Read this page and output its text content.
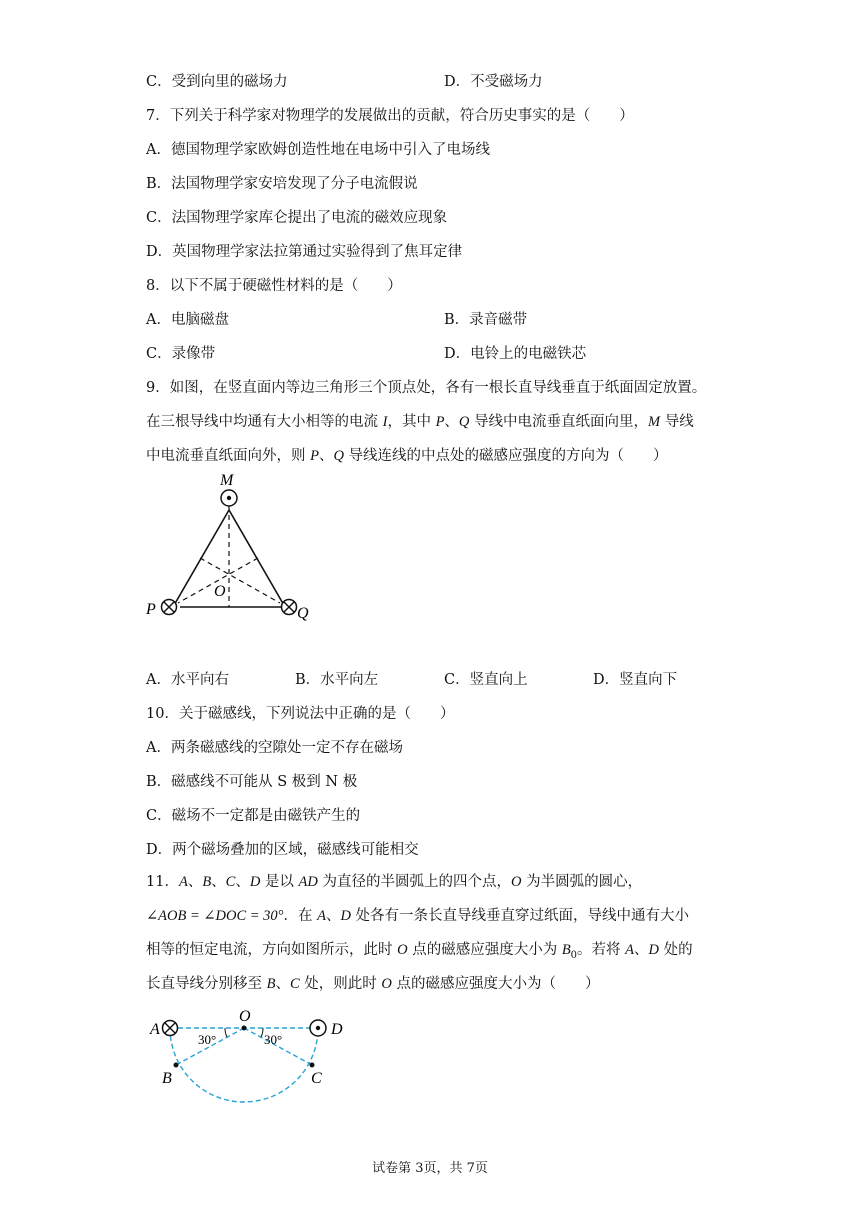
C．受到向里的磁场力	D．不受磁场力
7．下列关于科学家对物理学的发展做出的贡献，符合历史事实的是（　　）
A．德国物理学家欧姆创造性地在电场中引入了电场线
B．法国物理学家安培发现了分子电流假说
C．法国物理学家库仑提出了电流的磁效应现象
D．英国物理学家法拉第通过实验得到了焦耳定律
8．以下不属于硬磁性材料的是（　　）
A．电脑磁盘	B．录音磁带
C．录像带	D．电铃上的电磁铁芯
9．如图，在竖直面内等边三角形三个顶点处，各有一根长直导线垂直于纸面固定放置。
在三根导线中均通有大小相等的电流 I，其中 P、Q 导线中电流垂直纸面向里，M 导线
中电流垂直纸面向外，则 P、Q 导线连线的中点处的磁感应强度的方向为（　　）
M
P	Q
O
A．水平向右	B．水平向左	C．竖直向上	D．竖直向下
10．关于磁感线，下列说法中正确的是（　　）
A．两条磁感线的空隙处一定不存在磁场
B．磁感线不可能从 S 极到 N 极
C．磁场不一定都是由磁铁产生的
D．两个磁场叠加的区域，磁感线可能相交
11．A、B、C、D 是以 AD 为直径的半圆弧上的四个点，O 为半圆弧的圆心，
∠AOB = ∠DOC = 30°．在 A、D 处各有一条长直导线垂直穿过纸面，导线中通有大小
相等的恒定电流，方向如图所示，此时 O 点的磁感应强度大小为 $B_0$。若将 A、D 处的
长直导线分别移至 B、C 处，则此时 O 点的磁感应强度大小为（　　）
A	D
O
B	C
30°	30°
试卷第 3页，共 7页
